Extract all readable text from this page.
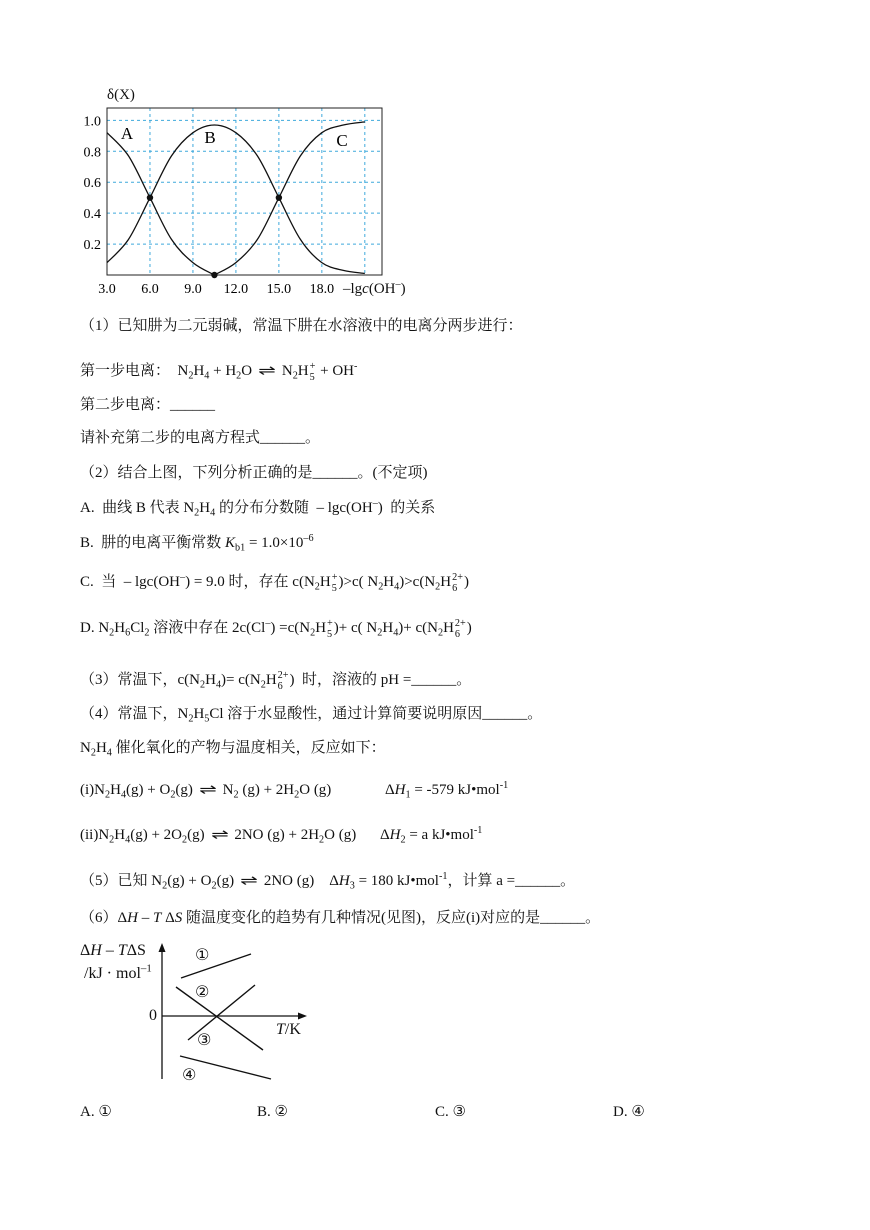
3.0 6.0 9.0 12.0 15.0 18.0
1.0
0.8
0.6
0.4
0.2
A	B	C
δ(X)
–lgc(OH–)
（1）已知肼为二元弱碱，常温下肼在水溶液中的电离分两步进行：
第一步电离：  $N_2H_4 + H_2O$ ⇌ $N_2H$ +
5 + OH-
第二步电离：______
请补充第二步的电离方程式______。
（2）结合上图，下列分析正确的是______。(不定项)
A.  曲线 B 代表 $N_2H_4$ 的分布分数随  – lgc(OH–)  的关系
B.  肼的电离平衡常数 $K_{b1} = 1.0\times 10^{-6}$
C.  当  – lgc(OH–) = 9.0 时，存在 $c(N_2H$ +
5 )>c( $N_2H_4)>c(N_2H$ 2+
6 )
D. $N_2H_6Cl_2$ 溶液中存在 $2c(Cl^-) =c(N_2H$ +
5 )+ c( $N_2H_4)+ c(N_2H$ 2+
6 )
（3）常温下，$c(N_2H_4)= c(N_2H$ 2+
6 )  时，溶液的 pH =______。
（4）常温下，$N_2H_5Cl$ 溶于水显酸性，通过计算简要说明原因______。
$N_2H_4$ 催化氧化的产物与温度相关，反应如下：
$(i)N_2H_4(g) + O_2(g)$ ⇌ $N_2$ $(g) + 2H_2O$ (g)	$\Delta H_1 = -579$ kJ•mol$^{-1}$
$(ii)N_2H_4(g) + 2O_2(g)$ ⇌ 2NO $(g) + 2H_2O$ (g) $\Delta H_2 = a$ kJ•mol$^{-1}$
（5）已知 $N_2(g) + O_2(g)$ ⇌ 2NO (g)    $\Delta H_3 = 180$ kJ•mol$^{-1}$，计算 a =______。
（6）ΔH – T ΔS 随温度变化的趋势有几种情况(见图)，反应(i)对应的是______。
ΔH – TΔS
/kJ · mol$^{-1}$
0
T/K
①
②
③
④
A. ①	B. ②	C. ③	D. ④
